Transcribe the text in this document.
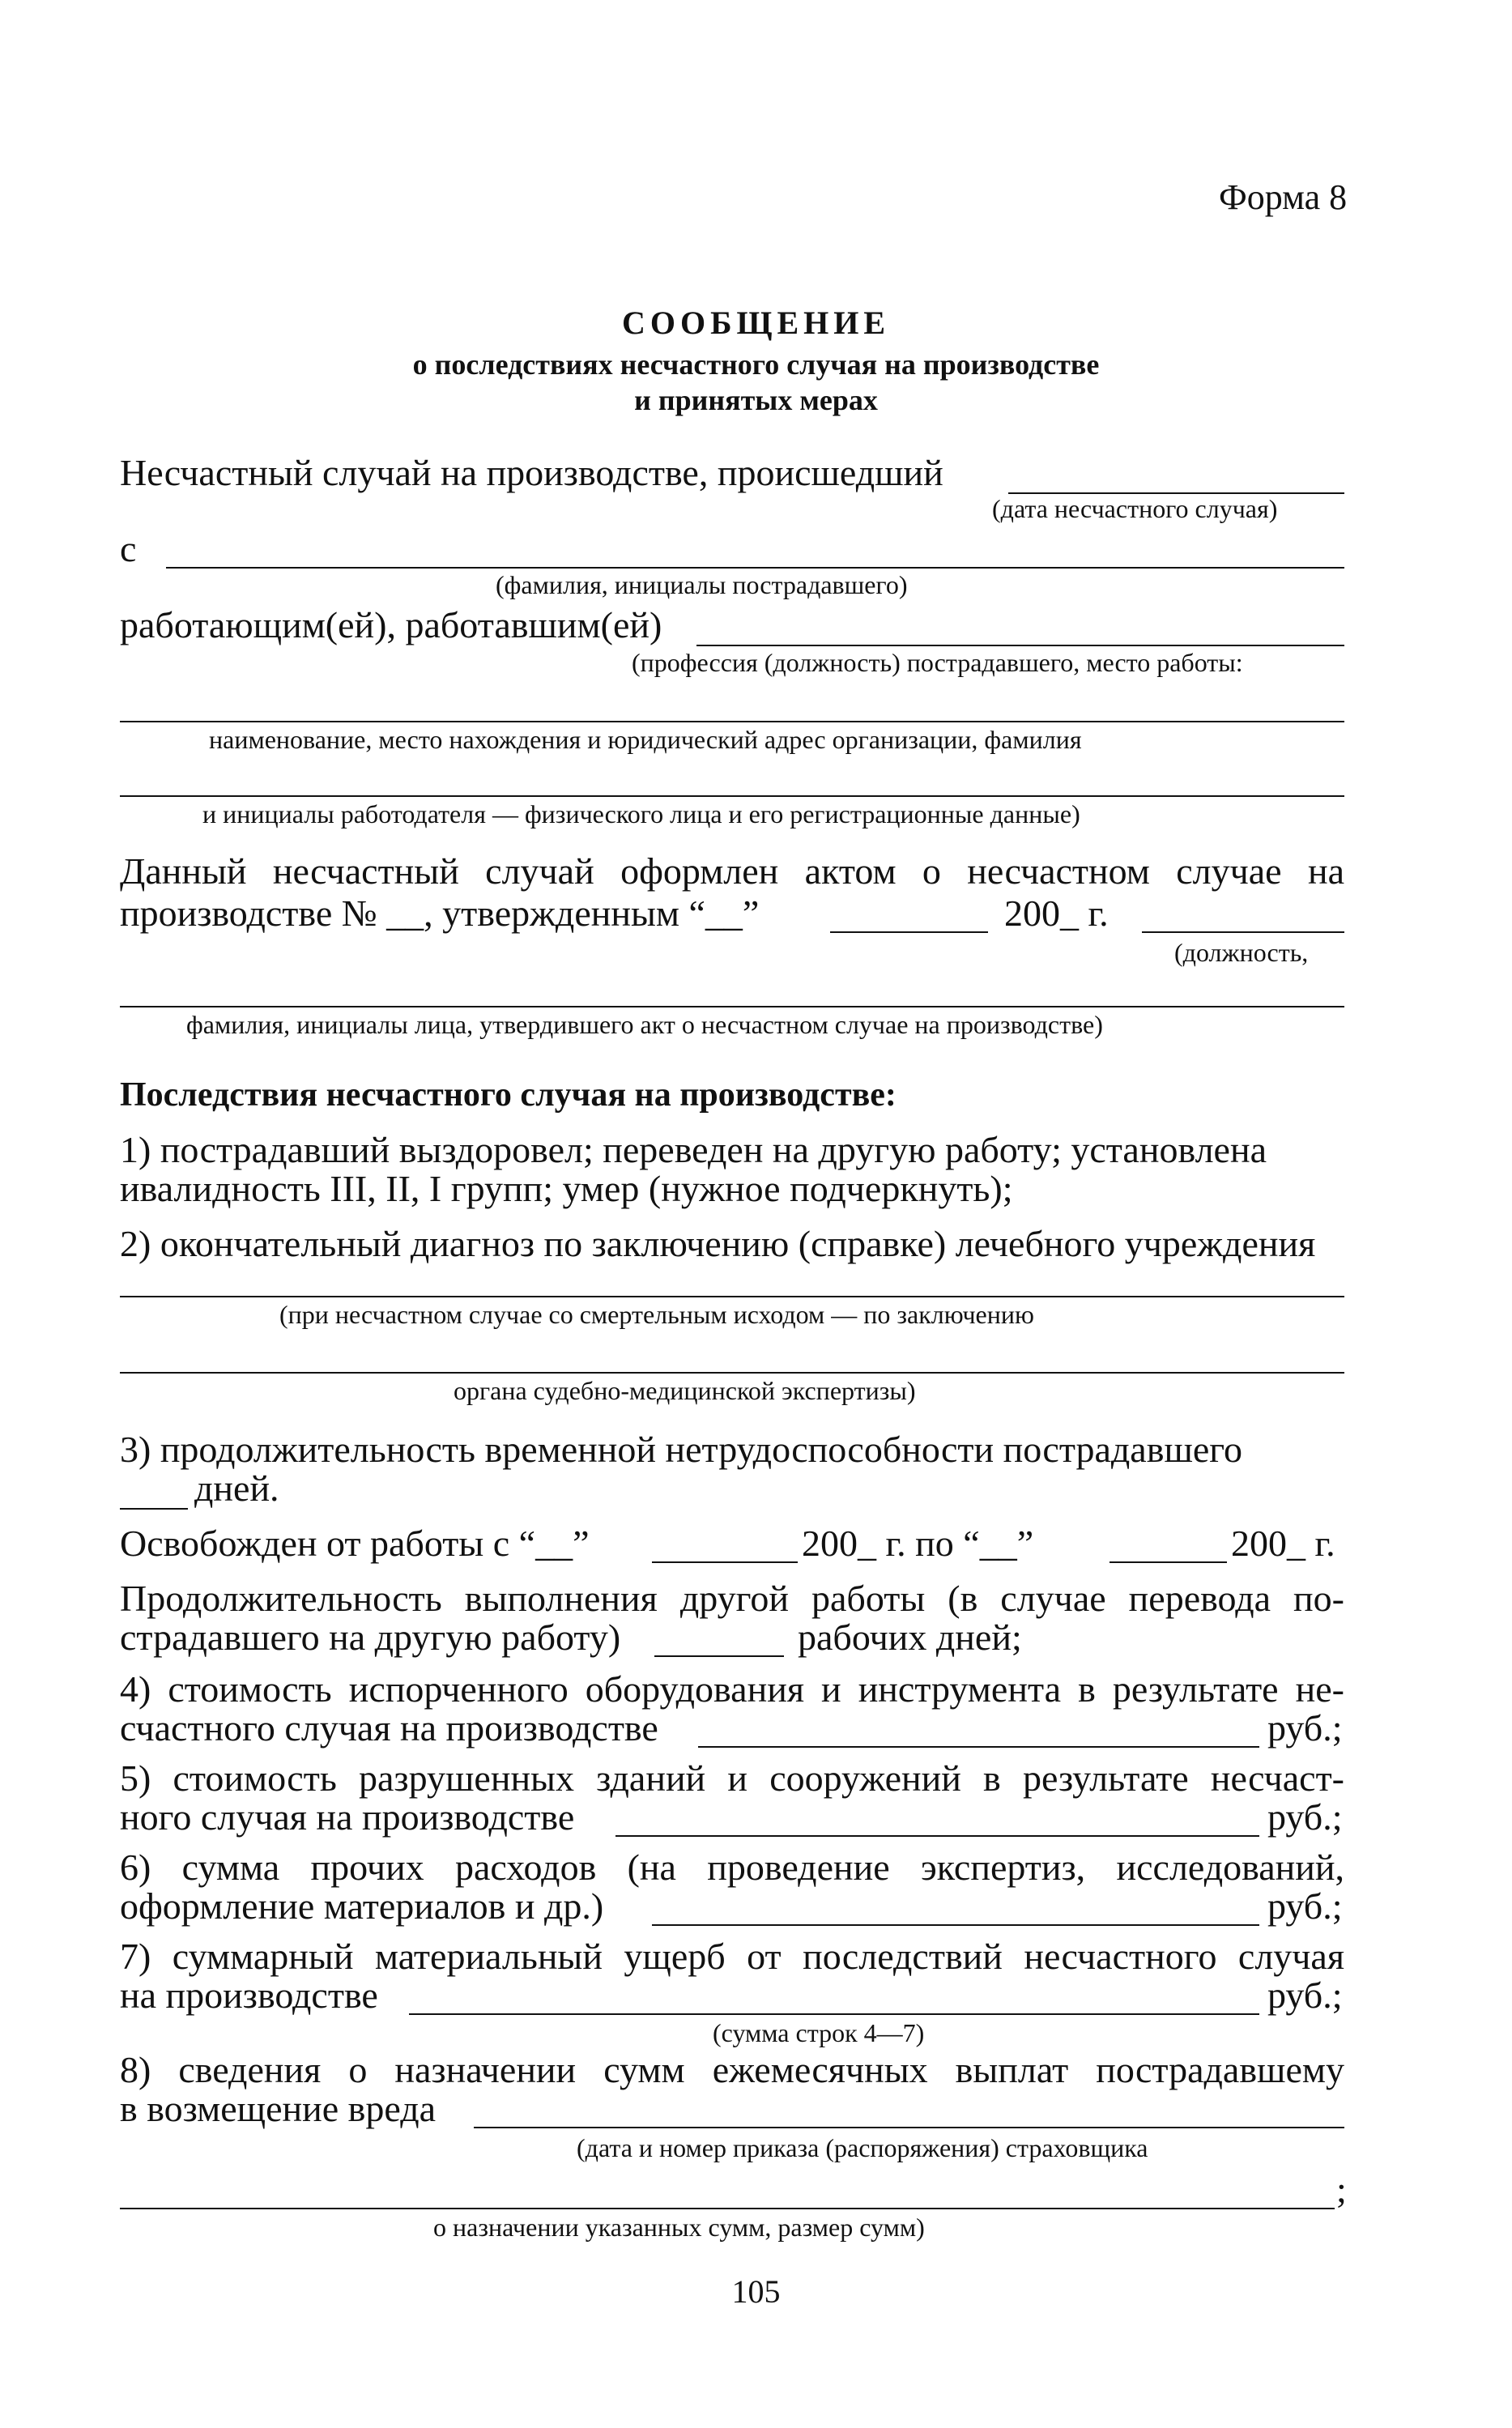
Форма 8
СООБЩЕНИЕ
о последствиях несчастного случая на производстве
и принятых мерах
Несчастный случай на производстве, происшедший
(дата несчастного случая)
с
(фамилия, инициалы пострадавшего)
работающим(ей), работавшим(ей)
(профессия (должность) пострадавшего, место работы:
наименование, место нахождения и юридический адрес организации, фамилия
и инициалы работодателя — физического лица и его регистрационные данные)
Данный несчастный случай оформлен актом о несчастном случае на
производстве № __, утвержденным “__”	200_ г.
(должность,
фамилия, инициалы лица, утвердившего акт о несчастном случае на производстве)
Последствия несчастного случая на производстве:
1) пострадавший выздоровел; переведен на другую работу; установлена
ивалидность III, II, I групп; умер (нужное подчеркнуть);
2) окончательный диагноз по заключению (справке) лечебного учреждения
(при несчастном случае со смертельным исходом — по заключению
органа судебно-медицинской экспертизы)
3) продолжительность временной нетрудоспособности пострадавшего
дней.
Освобожден от работы с “__”	200_ г. по “__”	200_ г.
Продолжительность выполнения другой работы (в случае перевода по-
страдавшего на другую работу)	рабочих дней;
4) стоимость испорченного оборудования и инструмента в результате не-
счастного случая на производстве	руб.;
5) стоимость разрушенных зданий и сооружений в результате несчаст-
ного случая на производстве	руб.;
6) сумма прочих расходов (на проведение экспертиз, исследований,
оформление материалов и др.)	руб.;
7) суммарный материальный ущерб от последствий несчастного случая
на производстве	руб.;
(сумма строк 4—7)
8) сведения о назначении сумм ежемесячных выплат пострадавшему
в возмещение вреда
(дата и номер приказа (распоряжения) страховщика
;
о назначении указанных сумм, размер сумм)
105
